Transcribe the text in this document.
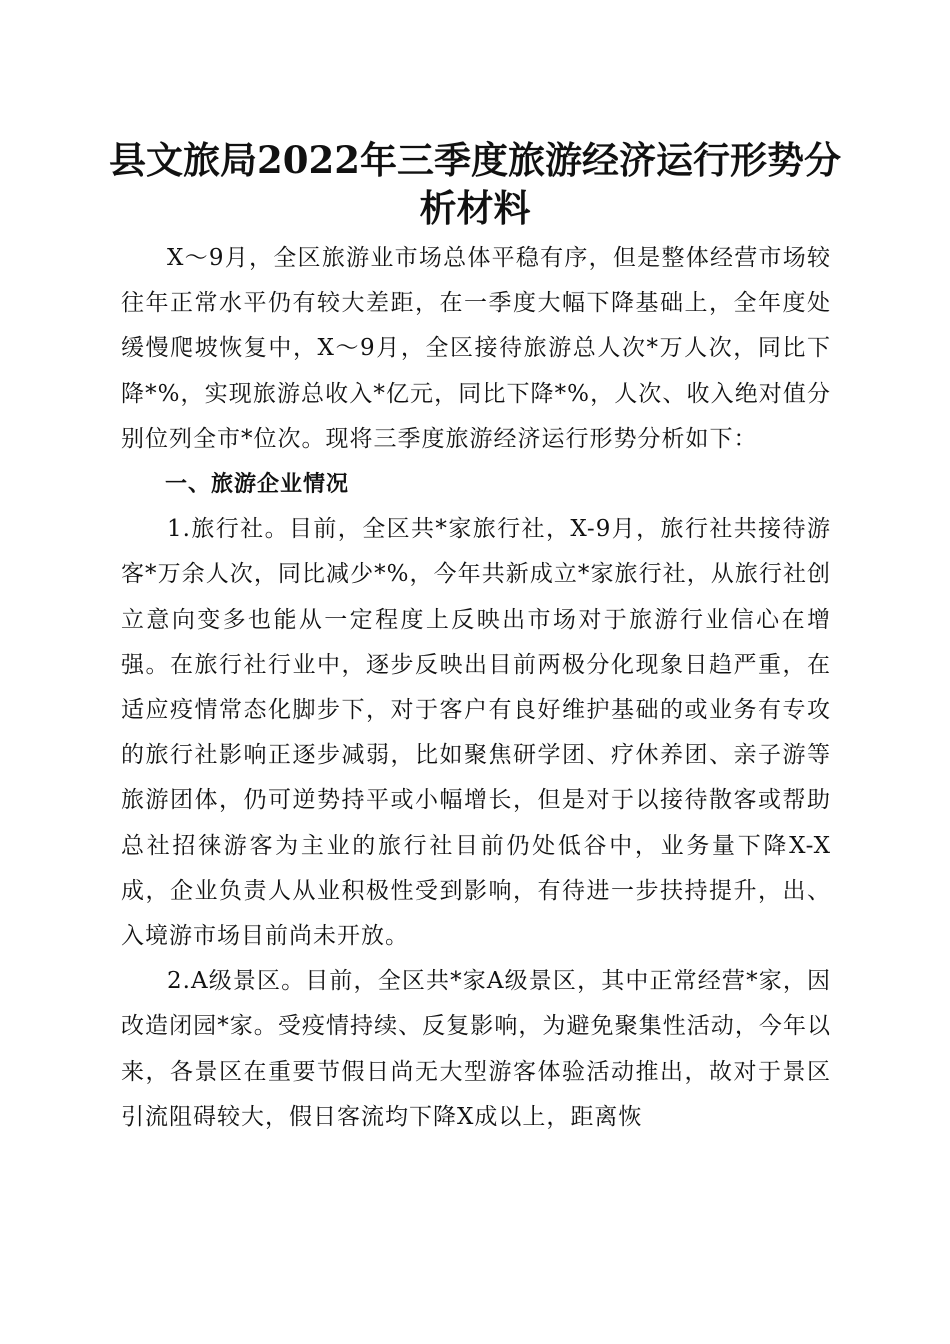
县文旅局2022年三季度旅游经济运行形势分析材料

X～9月，全区旅游业市场总体平稳有序，但是整体经营市场较往年正常水平仍有较大差距，在一季度大幅下降基础上，全年度处缓慢爬坡恢复中，X～9月，全区接待旅游总人次*万人次，同比下降*%，实现旅游总收入*亿元，同比下降*%，人次、收入绝对值分别位列全市*位次。现将三季度旅游经济运行形势分析如下：

一、旅游企业情况

1.旅行社。目前，全区共*家旅行社，X-9月，旅行社共接待游客*万余人次，同比减少*%，今年共新成立*家旅行社，从旅行社创立意向变多也能从一定程度上反映出市场对于旅游行业信心在增强。在旅行社行业中，逐步反映出目前两极分化现象日趋严重，在适应疫情常态化脚步下，对于客户有良好维护基础的或业务有专攻的旅行社影响正逐步减弱，比如聚焦研学团、疗休养团、亲子游等旅游团体，仍可逆势持平或小幅增长，但是对于以接待散客或帮助总社招徕游客为主业的旅行社目前仍处低谷中，业务量下降X-X成，企业负责人从业积极性受到影响，有待进一步扶持提升，出、入境游市场目前尚未开放。

2.A级景区。目前，全区共*家A级景区，其中正常经营*家，因改造闭园*家。受疫情持续、反复影响，为避免聚集性活动，今年以来，各景区在重要节假日尚无大型游客体验活动推出，故对于景区引流阻碍较大，假日客流均下降X成以上，距离恢
